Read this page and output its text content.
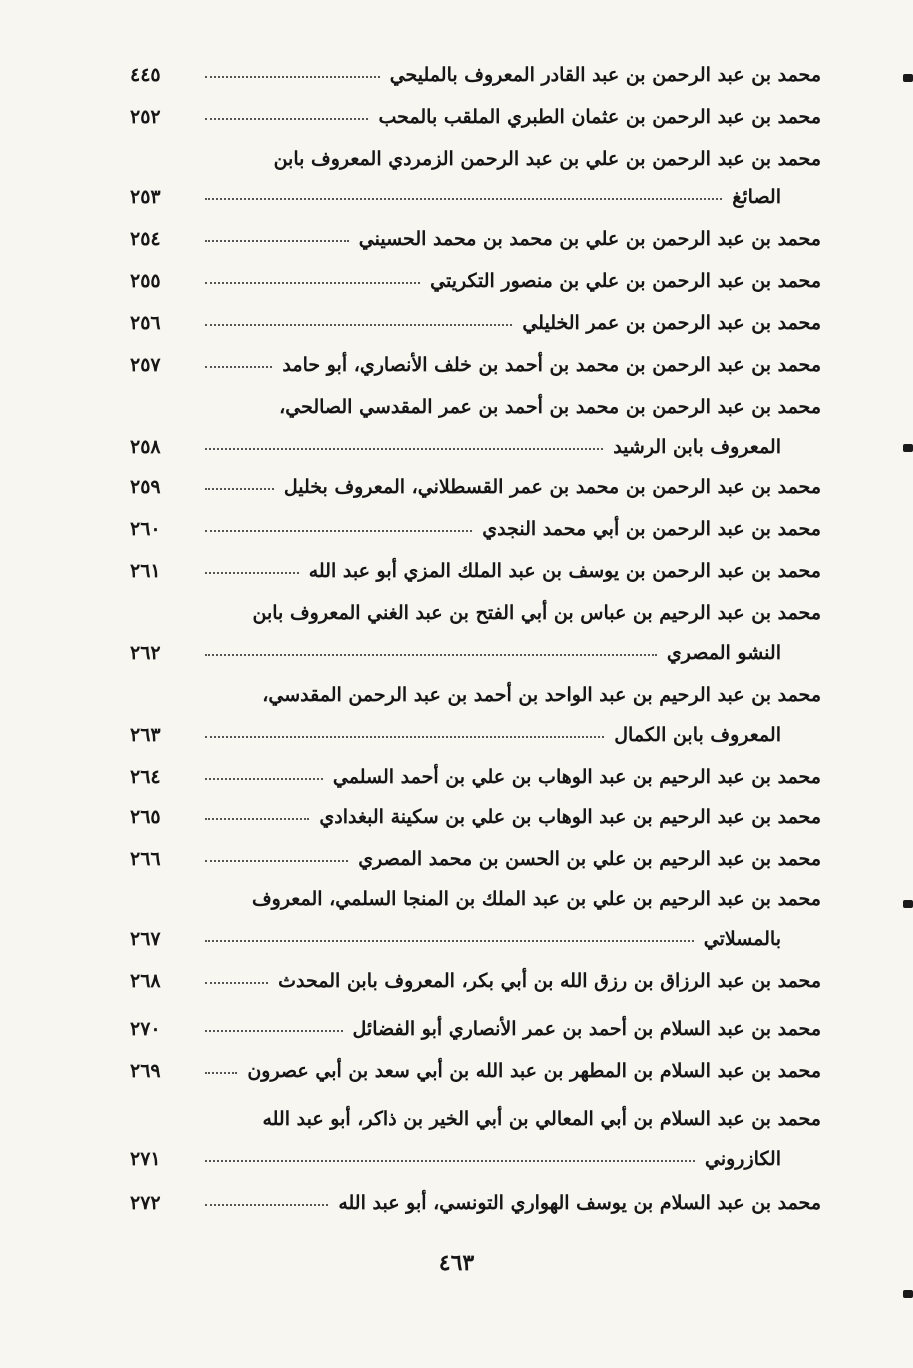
محمد بن عبد الرحمن بن عبد القادر المعروف بالمليحي
٤٤٥
محمد بن عبد الرحمن بن عثمان الطبري الملقب بالمحب
٢٥٢
محمد بن عبد الرحمن بن علي بن عبد الرحمن الزمردي المعروف بابن
الصائغ
٢٥٣
محمد بن عبد الرحمن بن علي بن محمد بن محمد الحسيني
٢٥٤
محمد بن عبد الرحمن بن علي بن منصور التكريتي
٢٥٥
محمد بن عبد الرحمن بن عمر الخليلي
٢٥٦
محمد بن عبد الرحمن بن محمد بن أحمد بن خلف الأنصاري، أبو حامد
٢٥٧
محمد بن عبد الرحمن بن محمد بن أحمد بن عمر المقدسي الصالحي،
المعروف بابن الرشيد
٢٥٨
محمد بن عبد الرحمن بن محمد بن عمر القسطلاني، المعروف بخليل
٢٥٩
محمد بن عبد الرحمن بن أبي محمد النجدي
٢٦٠
محمد بن عبد الرحمن بن يوسف بن عبد الملك المزي أبو عبد الله
٢٦١
محمد بن عبد الرحيم بن عباس بن أبي الفتح بن عبد الغني المعروف بابن
النشو المصري
٢٦٢
محمد بن عبد الرحيم بن عبد الواحد بن أحمد بن عبد الرحمن المقدسي،
المعروف بابن الكمال
٢٦٣
محمد بن عبد الرحيم بن عبد الوهاب بن علي بن أحمد السلمي
٢٦٤
محمد بن عبد الرحيم بن عبد الوهاب بن علي بن سكينة البغدادي
٢٦٥
محمد بن عبد الرحيم بن علي بن الحسن بن محمد المصري
٢٦٦
محمد بن عبد الرحيم بن علي بن عبد الملك بن المنجا السلمي، المعروف
بالمسلاتي
٢٦٧
محمد بن عبد الرزاق بن رزق الله بن أبي بكر، المعروف بابن المحدث
٢٦٨
محمد بن عبد السلام بن أحمد بن عمر الأنصاري أبو الفضائل
٢٧٠
محمد بن عبد السلام بن المطهر بن عبد الله بن أبي سعد بن أبي عصرون
٢٦٩
محمد بن عبد السلام بن أبي المعالي بن أبي الخير بن ذاكر، أبو عبد الله
الكازروني
٢٧١
محمد بن عبد السلام بن يوسف الهواري التونسي، أبو عبد الله
٢٧٢
٤٦٣
